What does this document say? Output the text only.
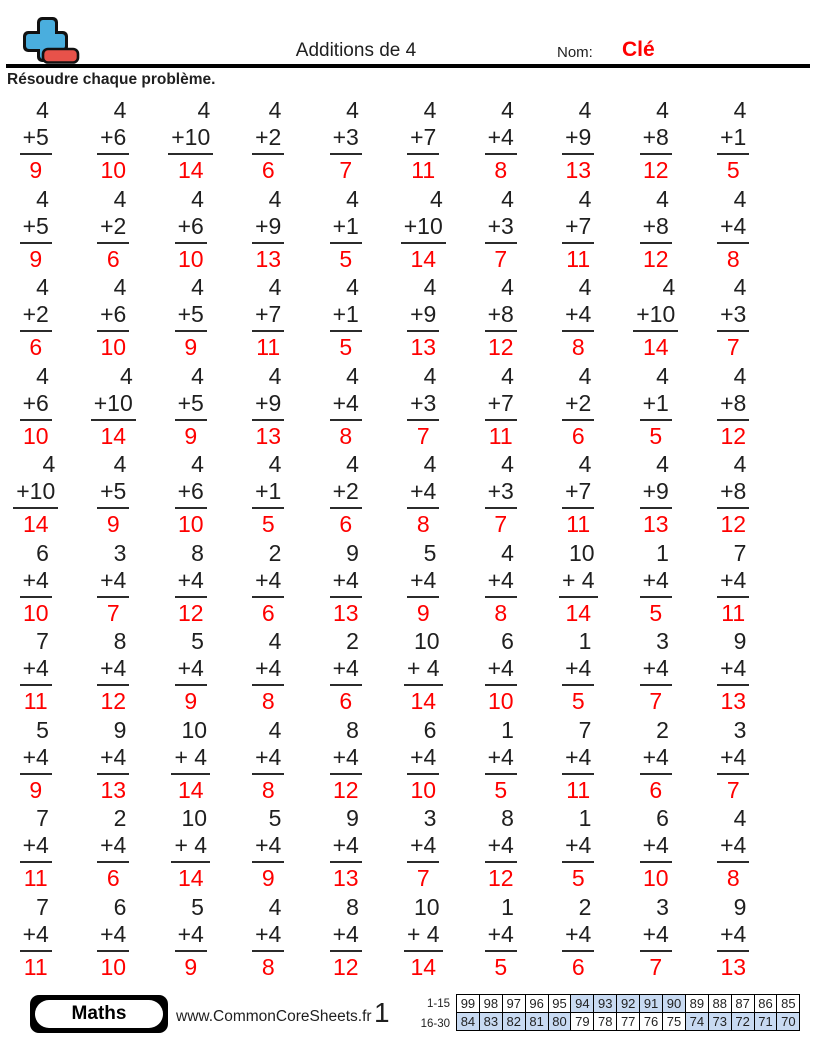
Additions de 4	Nom: Clé
Résoudre chaque problème.
4
+5
9
4
+6
10
4
+10
14
4
+2
6
4
+3
7
4
+7
11
4
+4
8
4
+9
13
4
+8
12
4
+1
5
4
+5
9
4
+2
6
4
+6
10
4
+9
13
4
+1
5
4
+10
14
4
+3
7
4
+7
11
4
+8
12
4
+4
8
4
+2
6
4
+6
10
4
+5
9
4
+7
11
4
+1
5
4
+9
13
4
+8
12
4
+4
8
4
+10
14
4
+3
7
4
+6
10
4
+10
14
4
+5
9
4
+9
13
4
+4
8
4
+3
7
4
+7
11
4
+2
6
4
+1
5
4
+8
12
4
+10
14
4
+5
9
4
+6
10
4
+1
5
4
+2
6
4
+4
8
4
+3
7
4
+7
11
4
+9
13
4
+8
12
6
+4
10
3
+4
7
8
+4
12
2
+4
6
9
+4
13
5
+4
9
4
+4
8
10
+ 4
14
1
+4
5
7
+4
11
7
+4
11
8
+4
12
5
+4
9
4
+4
8
2
+4
6
10
+ 4
14
6
+4
10
1
+4
5
3
+4
7
9
+4
13
5
+4
9
9
+4
13
10
+ 4
14
4
+4
8
8
+4
12
6
+4
10
1
+4
5
7
+4
11
2
+4
6
3
+4
7
7
+4
11
2
+4
6
10
+ 4
14
5
+4
9
9
+4
13
3
+4
7
8
+4
12
1
+4
5
6
+4
10
4
+4
8
7
+4
11
6
+4
10
5
+4
9
4
+4
8
8
+4
12
10
+ 4
14
1
+4
5
2
+4
6
3
+4
7
9
+4
13
Maths	www.CommonCoreSheets.fr 1	1-15
16-30
99	98	97	96	95	94	93	92	91	90	89	88	87	86	85
84	83	82	81	80	79	78	77	76	75	74	73	72	71	70
